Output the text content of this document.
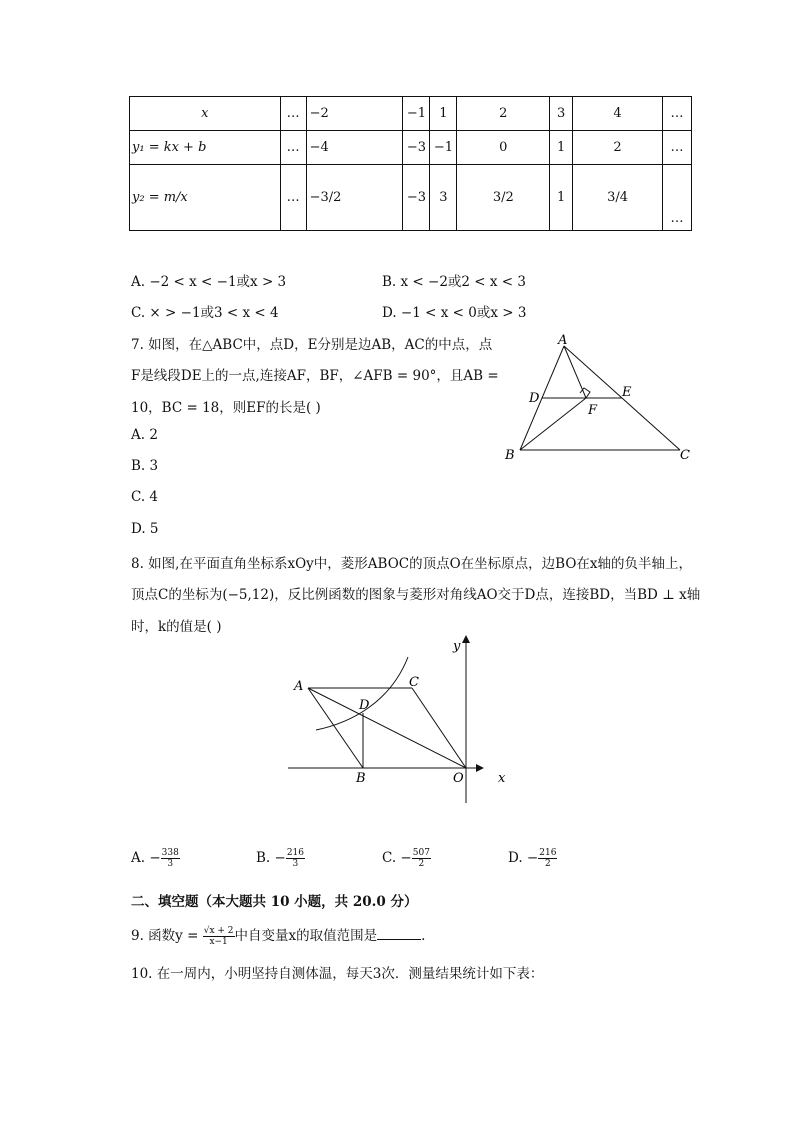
x	…	−2	−1	1	2	3	4	…
y₁ = kx + b	…	−4	−3	−1	0	1	2	…
y₂ = m/x	…	−3/2	−3	3	3/2	1	3/4	…
A. −2 < x < −1或x > 3	B. x < −2或2 < x < 3
C. × > −1或3 < x < 4	D. −1 < x < 0或x > 3
7. 如图，在△ABC中，点D，E分别是边AB，AC的中点，点
F是线段DE上的一点,连接AF，BF，∠AFB = 90°，且AB =
10，BC = 18，则EF的长是( )
A. 2
B. 3
C. 4
D. 5
A
B	C
D	E
F
8. 如图,在平面直角坐标系xOy中，菱形ABOC的顶点O在坐标原点，边BO在x轴的负半轴上，
顶点C的坐标为(−5,12)，反比例函数的图象与菱形对角线AO交于D点，连接BD，当BD ⊥ x轴
时，k的值是( )
A	C
D
B	O	x
y
A. − $\frac{338}{3}$	B. − $\frac{216}{3}$	C. − $\frac{507}{2}$	D. − $\frac{216}{2}$
二、填空题（本大题共 10 小题，共 20.0 分）
9. 函数$y = \frac{√x + 2}{x-1}$ 中自变量x的取值范围是	.
10. 在一周内，小明坚持自测体温，每天3次．测量结果统计如下表：
